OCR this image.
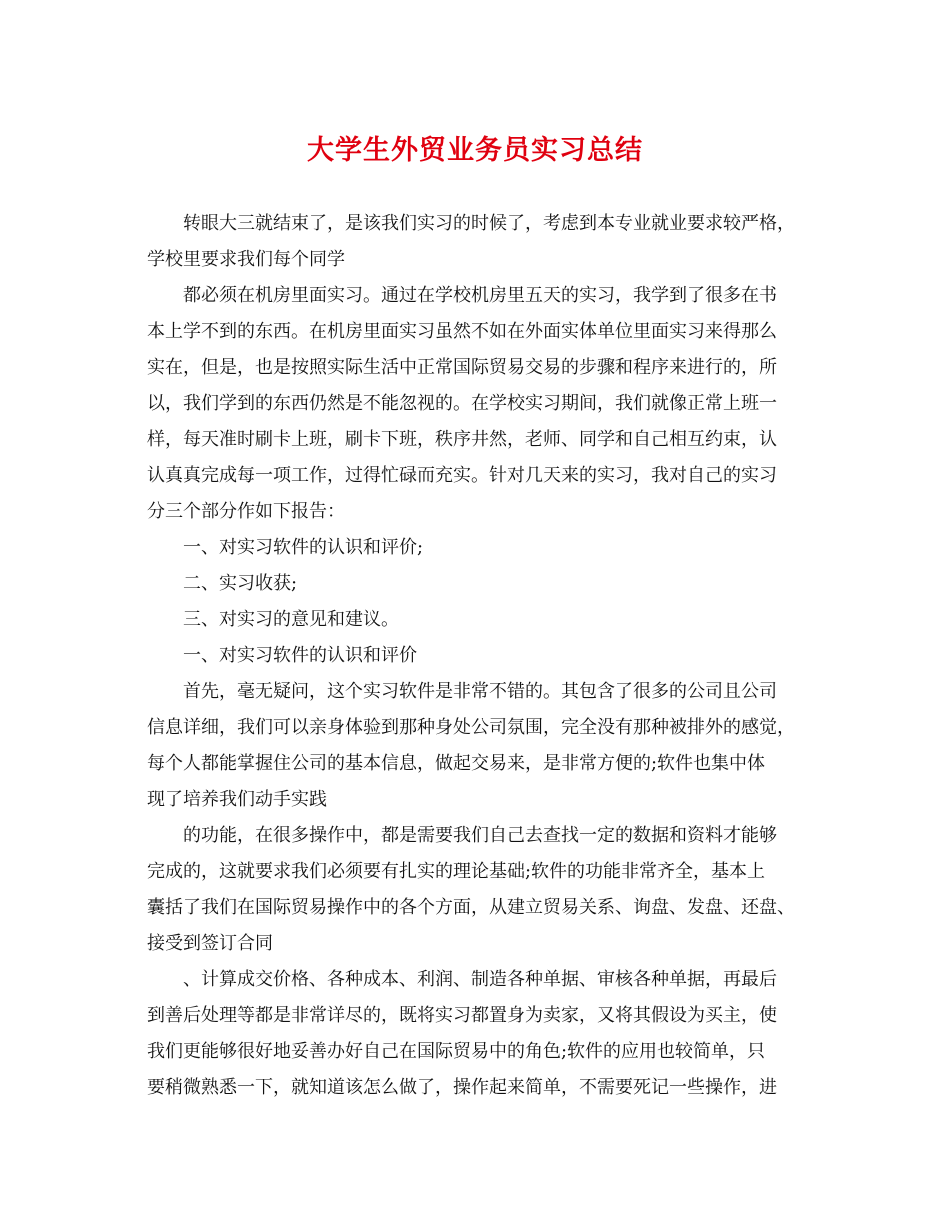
大学生外贸业务员实习总结
转眼大三就结束了，是该我们实习的时候了，考虑到本专业就业要求较严格，
学校里要求我们每个同学
都必须在机房里面实习。通过在学校机房里五天的实习，我学到了很多在书
本上学不到的东西。在机房里面实习虽然不如在外面实体单位里面实习来得那么
实在，但是，也是按照实际生活中正常国际贸易交易的步骤和程序来进行的，所
以，我们学到的东西仍然是不能忽视的。在学校实习期间，我们就像正常上班一
样，每天准时刷卡上班，刷卡下班，秩序井然，老师、同学和自己相互约束，认
认真真完成每一项工作，过得忙碌而充实。针对几天来的实习，我对自己的实习
分三个部分作如下报告：
一、对实习软件的认识和评价;
二、实习收获;
三、对实习的意见和建议。
一、对实习软件的认识和评价
首先，毫无疑问，这个实习软件是非常不错的。其包含了很多的公司且公司
信息详细，我们可以亲身体验到那种身处公司氛围，完全没有那种被排外的感觉，
每个人都能掌握住公司的基本信息，做起交易来，是非常方便的;软件也集中体
现了培养我们动手实践
的功能，在很多操作中，都是需要我们自己去查找一定的数据和资料才能够
完成的，这就要求我们必须要有扎实的理论基础;软件的功能非常齐全，基本上
囊括了我们在国际贸易操作中的各个方面，从建立贸易关系、询盘、发盘、还盘、
接受到签订合同
、计算成交价格、各种成本、利润、制造各种单据、审核各种单据，再最后
到善后处理等都是非常详尽的，既将实习都置身为卖家，又将其假设为买主，使
我们更能够很好地妥善办好自己在国际贸易中的角色;软件的应用也较简单，只
要稍微熟悉一下，就知道该怎么做了，操作起来简单，不需要死记一些操作，进
